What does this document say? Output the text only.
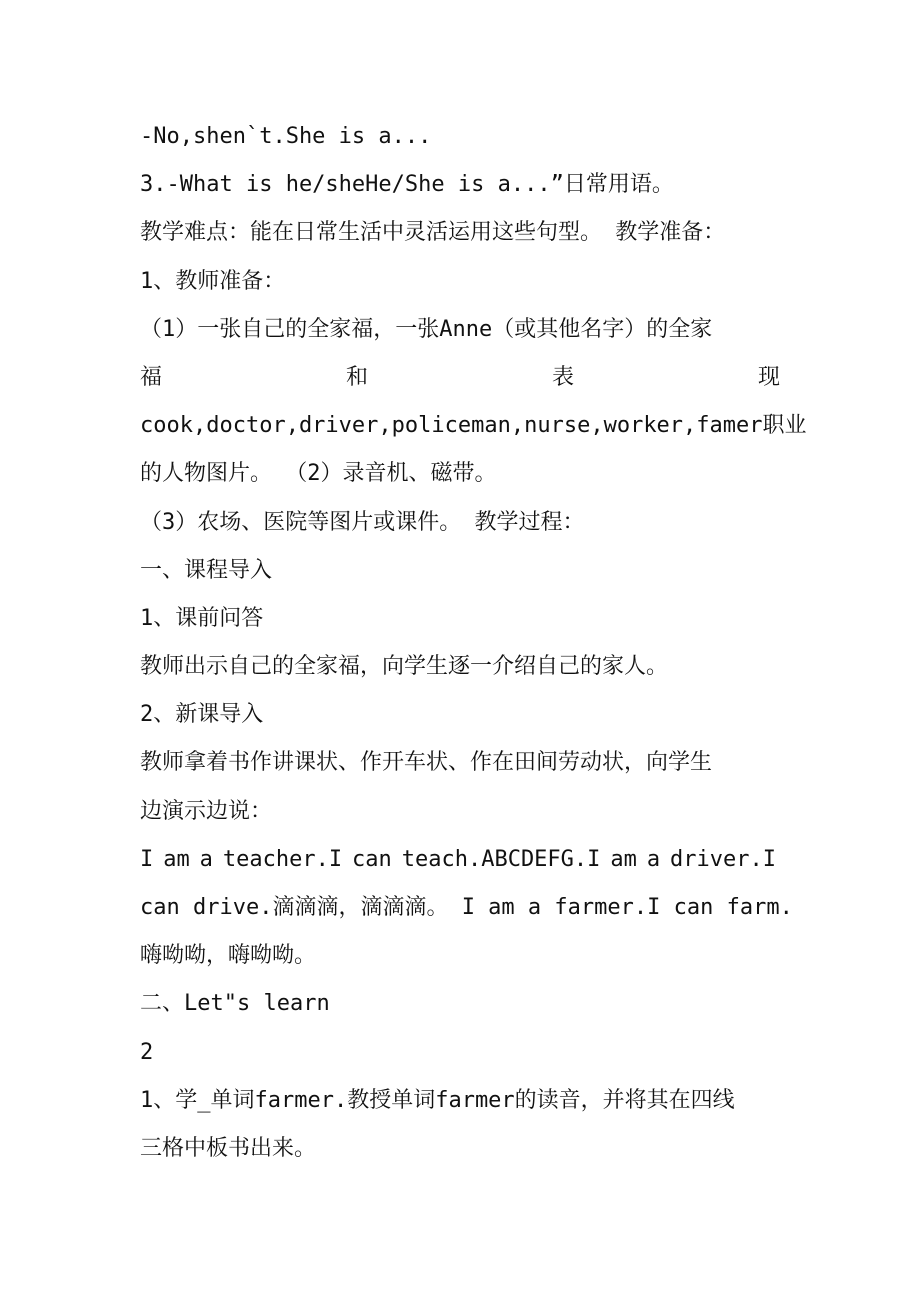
-No,shen`t.She is a...
3.-What is he/sheHe/She is a...”日常用语。
教学难点：能在日常生活中灵活运用这些句型。 教学准备：
1、教师准备：
（1）一张自己的全家福，一张Anne（或其他名字）的全家
福	和	表	现
cook,doctor,driver,policeman,nurse,worker,famer职业
的人物图片。 （2）录音机、磁带。
（3）农场、医院等图片或课件。 教学过程：
一、课程导入
1、课前问答
教师出示自己的全家福，向学生逐一介绍自己的家人。
2、新课导入
教师拿着书作讲课状、作开车状、作在田间劳动状，向学生
边演示边说：
I am a teacher.I can teach.ABCDEFG.I am a driver.I
can drive.滴滴滴，滴滴滴。 I am a farmer.I can farm.
嗨呦呦，嗨呦呦。
二、Let"s learn
2
1、学_单词farmer.教授单词farmer的读音，并将其在四线
三格中板书出来。
